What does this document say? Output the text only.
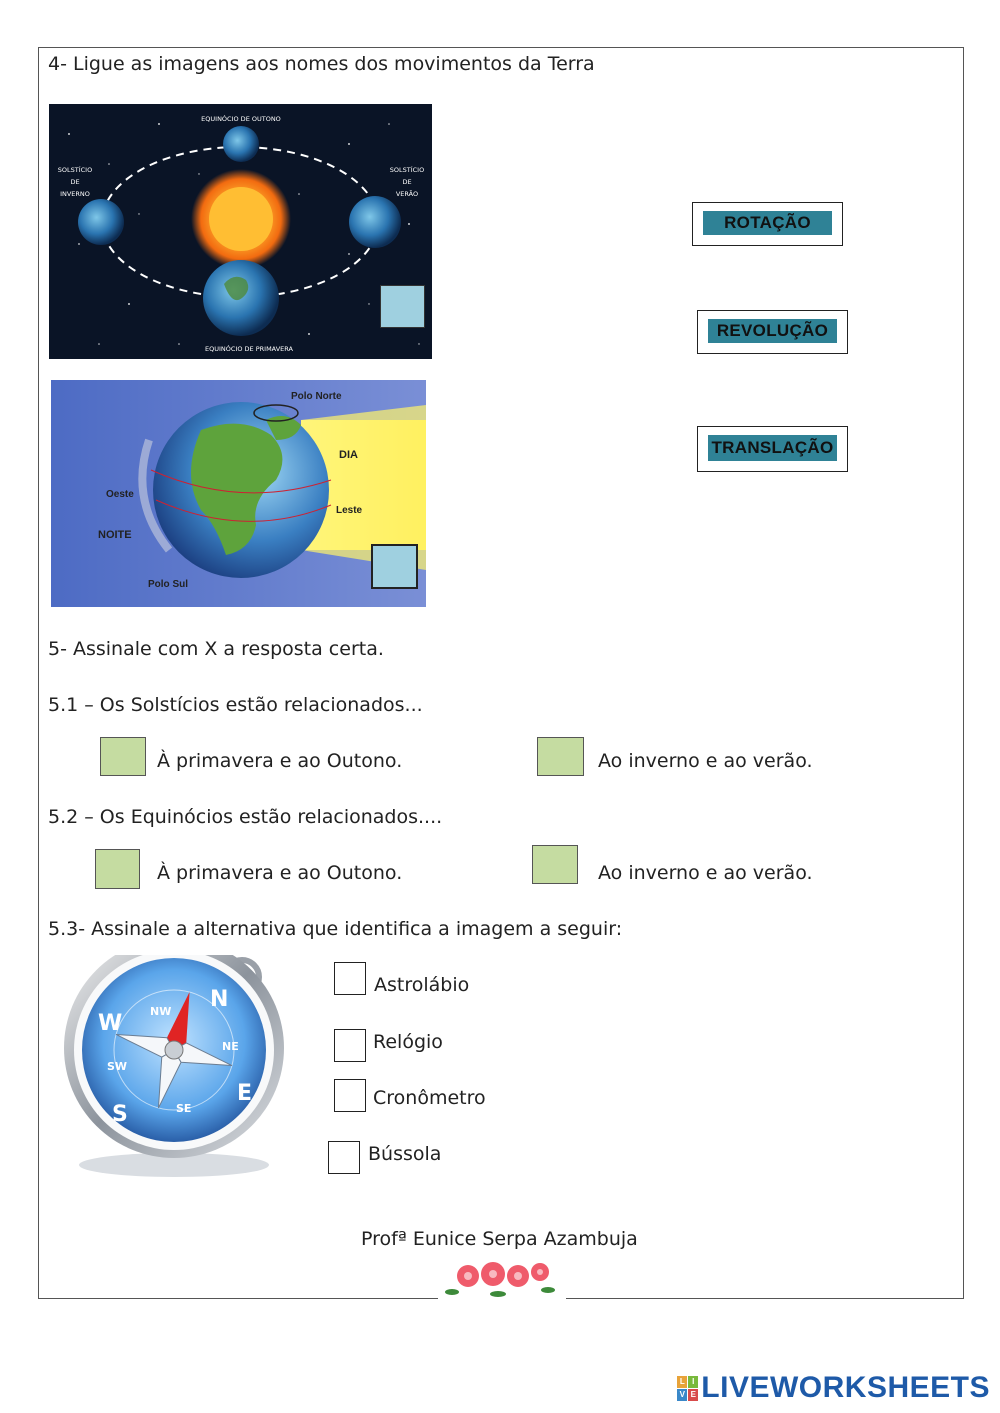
4- Ligue as imagens aos nomes dos movimentos da Terra
EQUINÓCIO DE OUTONO
SOLSTÍCIO
DE
INVERNO
SOLSTÍCIO
DE
VERÃO
EQUINÓCIO DE PRIMAVERA
Polo Norte
DIA
Oeste
Leste
NOITE
Polo Sul
ROTAÇÃO
REVOLUÇÃO
TRANSLAÇÃO
5- Assinale com X a resposta certa.
5.1 – Os Solstícios estão relacionados...
À primavera e ao Outono.	Ao inverno e ao verão.
5.2 – Os Equinócios estão relacionados....
À primavera e ao Outono.	Ao inverno e ao verão.
5.3- Assinale a alternativa que identifica a imagem a seguir:
N
E
S
W
NE
NW
SE
SW
Astrolábio
Relógio
Cronômetro
Bússola
Profª Eunice Serpa Azambuja
L I
V E LIVEWORKSHEETS
